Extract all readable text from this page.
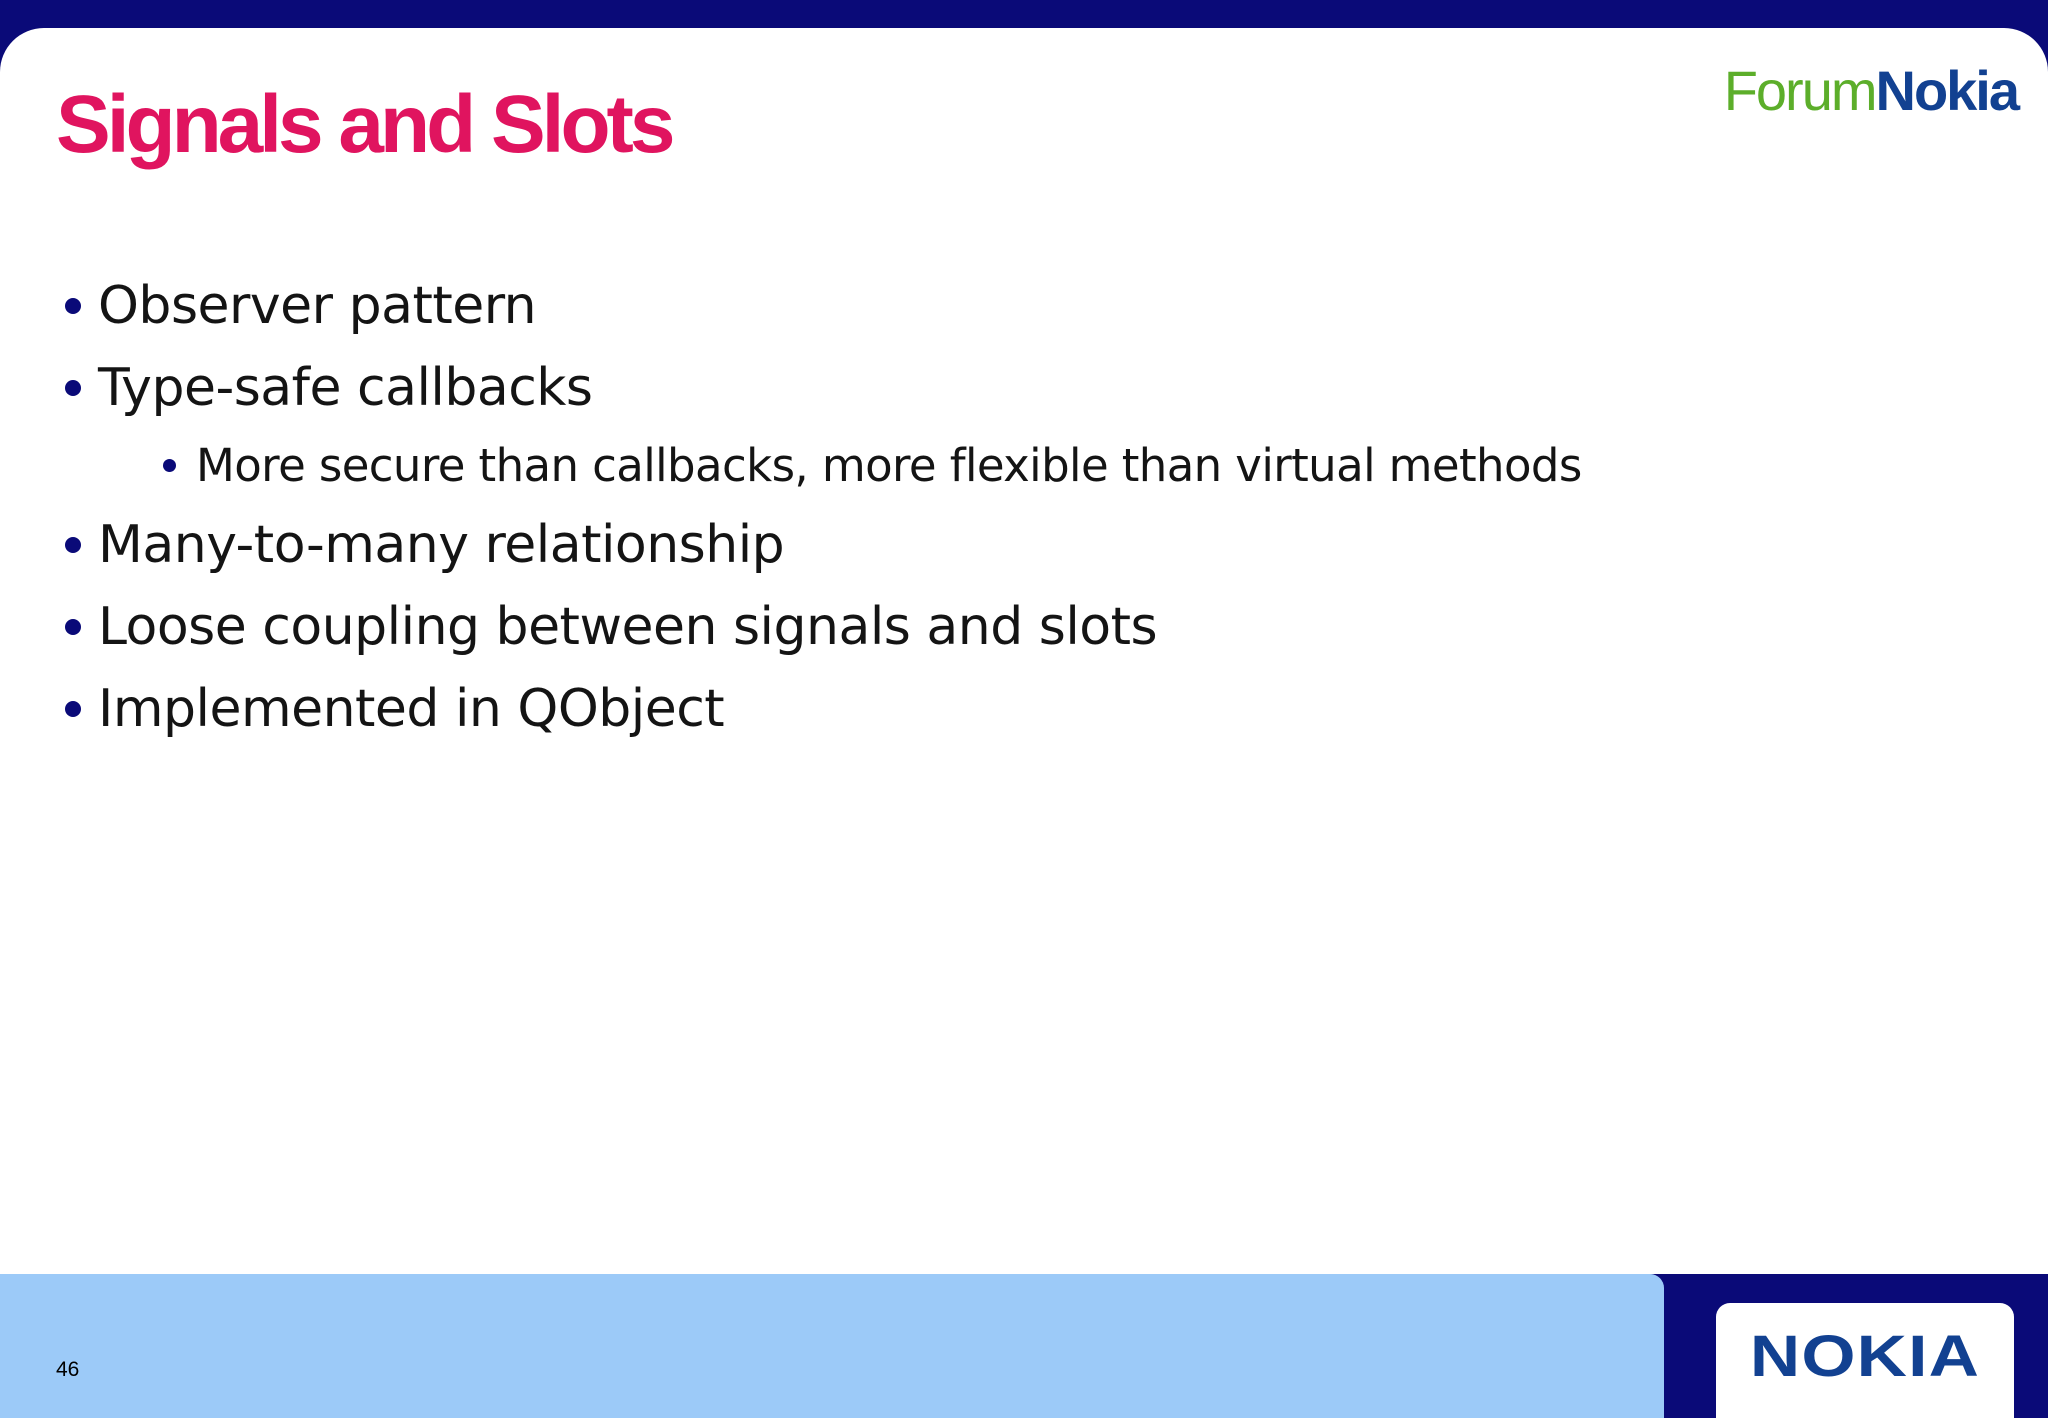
Signals and Slots	ForumNokia
Observer pattern
Type-safe callbacks
More secure than callbacks, more flexible than virtual methods
Many-to-many relationship
Loose coupling between signals and slots
Implemented in QObject
46	NOKIA
